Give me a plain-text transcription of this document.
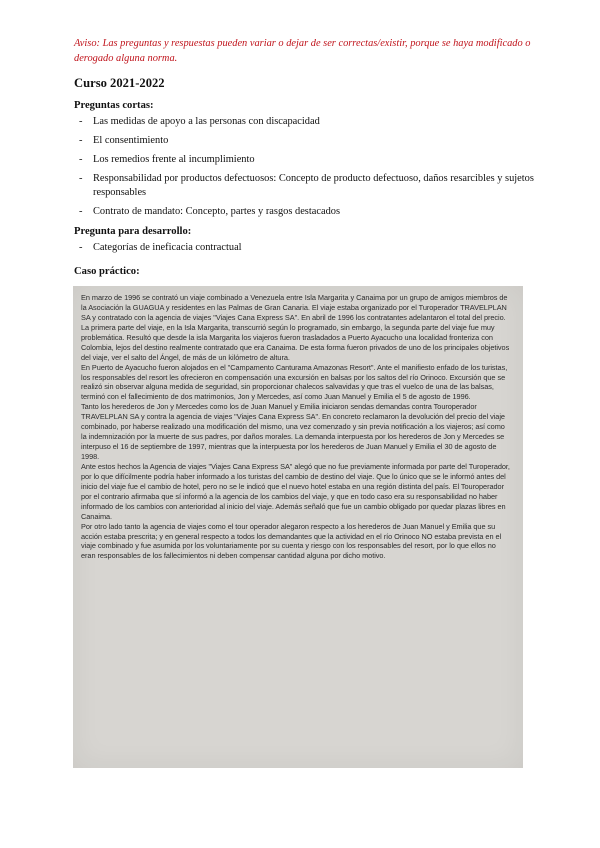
Aviso: Las preguntas y respuestas pueden variar o dejar de ser correctas/existir, porque se haya modificado o derogado alguna norma.
Curso 2021-2022
Preguntas cortas:
- Las medidas de apoyo a las personas con discapacidad
- El consentimiento
- Los remedios frente al incumplimiento
- Responsabilidad por productos defectuosos: Concepto de producto defectuoso, daños resarcibles y sujetos responsables
- Contrato de mandato: Concepto, partes y rasgos destacados
Pregunta para desarrollo:
- Categorías de ineficacia contractual
Caso práctico:

En marzo de 1996 se contrató un viaje combinado a Venezuela entre Isla Margarita y Canaima por un grupo de amigos miembros de la Asociación la GUAGUA y residentes en las Palmas de Gran Canaria. El viaje estaba organizado por el Turoperador TRAVELPLAN SA y contratado con la agencia de viajes "Viajes Cana Express SA". En abril de 1996 los contratantes adelantaron el total del precio.

La primera parte del viaje, en la Isla Margarita, transcurrió según lo programado, sin embargo, la segunda parte del viaje fue muy problemática. Resultó que desde la isla Margarita los viajeros fueron trasladados a Puerto Ayacucho una localidad fronteriza con Colombia, lejos del destino realmente contratado que era Canaima. De esta forma fueron privados de uno de los principales objetivos del viaje, ver el salto del Ángel, de más de un kilómetro de altura.

En Puerto de Ayacucho fueron alojados en el "Campamento Canturama Amazonas Resort". Ante el manifiesto enfado de los turistas, los responsables del resort les ofrecieron en compensación una excursión en balsas por los saltos del río Orinoco. Excursión que se realizó sin observar alguna medida de seguridad, sin proporcionar chalecos salvavidas y que tras el vuelco de una de las balsas, terminó con el fallecimiento de dos matrimonios, Jon y Mercedes, así como Juan Manuel y Emilia el 5 de agosto de 1996.

Tanto los herederos de Jon y Mercedes como los de Juan Manuel y Emilia iniciaron sendas demandas contra Touroperador TRAVELPLAN SA y contra la agencia de viajes "Viajes Cana Express SA". En concreto reclamaron la devolución del precio del viaje combinado, por haberse realizado una modificación del mismo, una vez comenzado y sin previa notificación a los viajeros; así como la indemnización por la muerte de sus padres, por daños morales. La demanda interpuesta por los herederos de Jon y Mercedes se interpuso el 16 de septiembre de 1997, mientras que la interpuesta por los herederos de Juan Manuel y Emilia el 30 de agosto de 1998.

Ante estos hechos la Agencia de viajes "Viajes Cana Express SA" alegó que no fue previamente informada por parte del Turoperador, por lo que difícilmente podría haber informado a los turistas del cambio de destino del viaje. Que lo único que se le informó antes del inicio del viaje fue el cambio de hotel, pero no se le indicó que el nuevo hotel estaba en una región distinta del país. El Touroperador por el contrario afirmaba que sí informó a la agencia de los cambios del viaje, y que en todo caso era su responsabilidad no haber informado de los cambios con anterioridad al inicio del viaje. Además señaló que fue un cambio obligado por quedar plazas libres en Canaima.

Por otro lado tanto la agencia de viajes como el tour operador alegaron respecto a los herederos de Juan Manuel y Emilia que su acción estaba prescrita; y en general respecto a todos los demandantes que la actividad en el río Orinoco NO estaba prevista en el viaje combinado y fue asumida por los voluntariamente por su cuenta y riesgo con los responsables del resort, por lo que ellos no eran responsables de los fallecimientos ni deben compensar cantidad alguna por dicho motivo.
